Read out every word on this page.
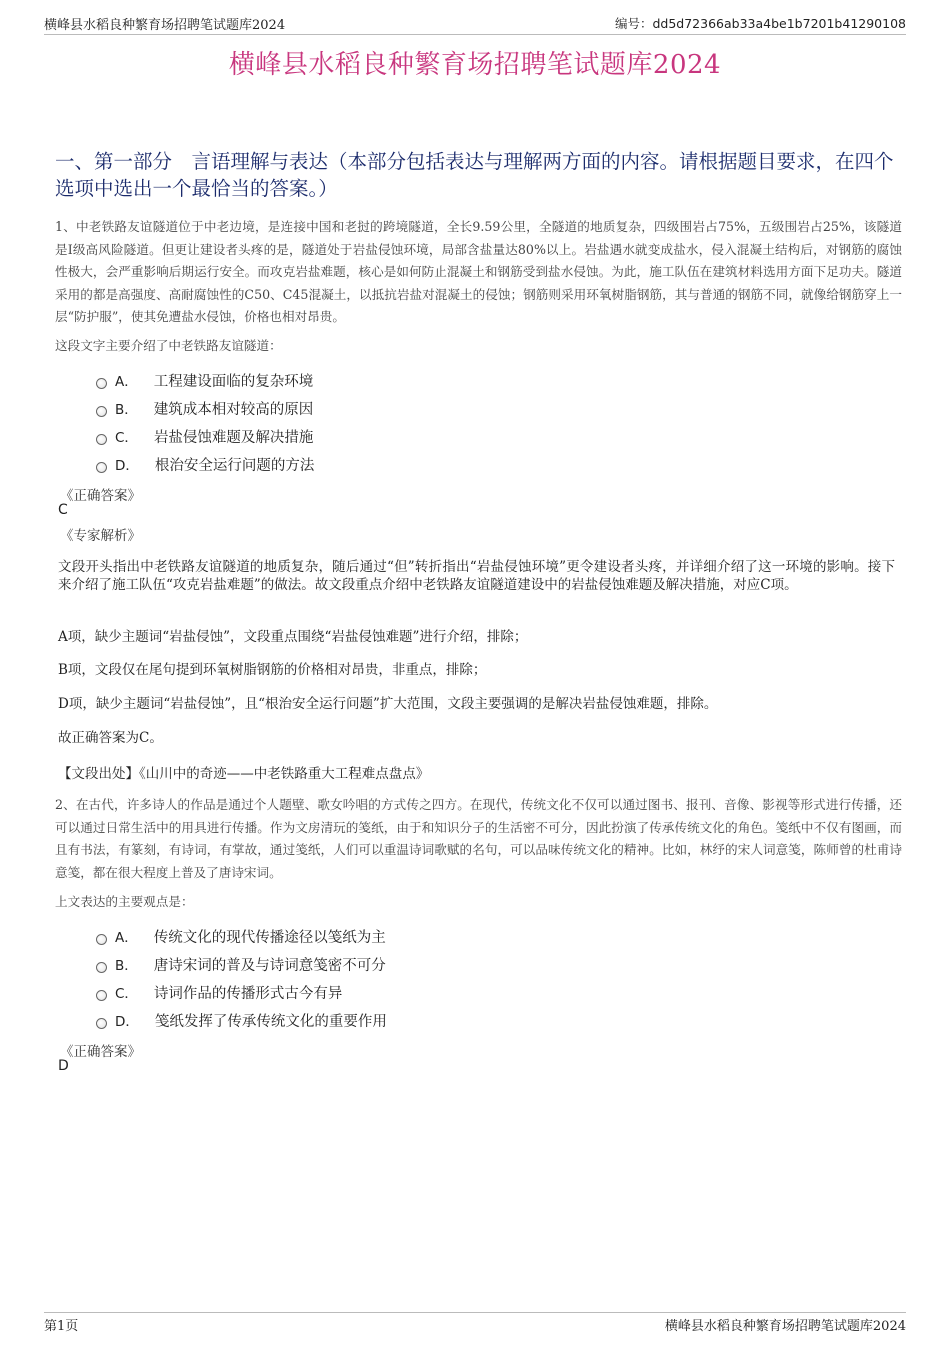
横峰县水稻良种繁育场招聘笔试题库2024	编号：dd5d72366ab33a4be1b7201b41290108
横峰县水稻良种繁育场招聘笔试题库2024
一、第一部分　言语理解与表达（本部分包括表达与理解两方面的内容。请根据题目要求，在四个选项中选出一个最恰当的答案。）
1、中老铁路友谊隧道位于中老边境，是连接中国和老挝的跨境隧道，全长9.59公里，全隧道的地质复杂，四级围岩占75%，五级围岩占25%，该隧道是I级高风险隧道。但更让建设者头疼的是，隧道处于岩盐侵蚀环境，局部含盐量达80%以上。岩盐遇水就变成盐水，侵入混凝土结构后，对钢筋的腐蚀性极大，会严重影响后期运行安全。而攻克岩盐难题，核心是如何防止混凝土和钢筋受到盐水侵蚀。为此，施工队伍在建筑材料选用方面下足功夫。隧道采用的都是高强度、高耐腐蚀性的C50、C45混凝土，以抵抗岩盐对混凝土的侵蚀；钢筋则采用环氧树脂钢筋，其与普通的钢筋不同，就像给钢筋穿上一层“防护服”，使其免遭盐水侵蚀，价格也相对昂贵。
这段文字主要介绍了中老铁路友谊隧道：
A． 工程建设面临的复杂环境
B． 建筑成本相对较高的原因
C． 岩盐侵蚀难题及解决措施
D． 根治安全运行问题的方法
《正确答案》
C
《专家解析》
文段开头指出中老铁路友谊隧道的地质复杂，随后通过“但”转折指出“岩盐侵蚀环境”更令建设者头疼，并详细介绍了这一环境的影响。接下来介绍了施工队伍“攻克岩盐难题”的做法。故文段重点介绍中老铁路友谊隧道建设中的岩盐侵蚀难题及解决措施，对应C项。
A项，缺少主题词“岩盐侵蚀”，文段重点围绕“岩盐侵蚀难题”进行介绍，排除；
B项，文段仅在尾句提到环氧树脂钢筋的价格相对昂贵，非重点，排除；
D项，缺少主题词“岩盐侵蚀”，且“根治安全运行问题”扩大范围，文段主要强调的是解决岩盐侵蚀难题，排除。
故正确答案为C。
【文段出处】《山川中的奇迹——中老铁路重大工程难点盘点》
2、在古代，许多诗人的作品是通过个人题壁、歌女吟唱的方式传之四方。在现代，传统文化不仅可以通过图书、报刊、音像、影视等形式进行传播，还可以通过日常生活中的用具进行传播。作为文房清玩的笺纸，由于和知识分子的生活密不可分，因此扮演了传承传统文化的角色。笺纸中不仅有图画，而且有书法，有篆刻，有诗词，有掌故，通过笺纸，人们可以重温诗词歌赋的名句，可以品味传统文化的精神。比如，林纾的宋人词意笺，陈师曾的杜甫诗意笺，都在很大程度上普及了唐诗宋词。
上文表达的主要观点是：
A． 传统文化的现代传播途径以笺纸为主
B． 唐诗宋词的普及与诗词意笺密不可分
C． 诗词作品的传播形式古今有异
D． 笺纸发挥了传承传统文化的重要作用
《正确答案》
D
第1页	横峰县水稻良种繁育场招聘笔试题库2024
